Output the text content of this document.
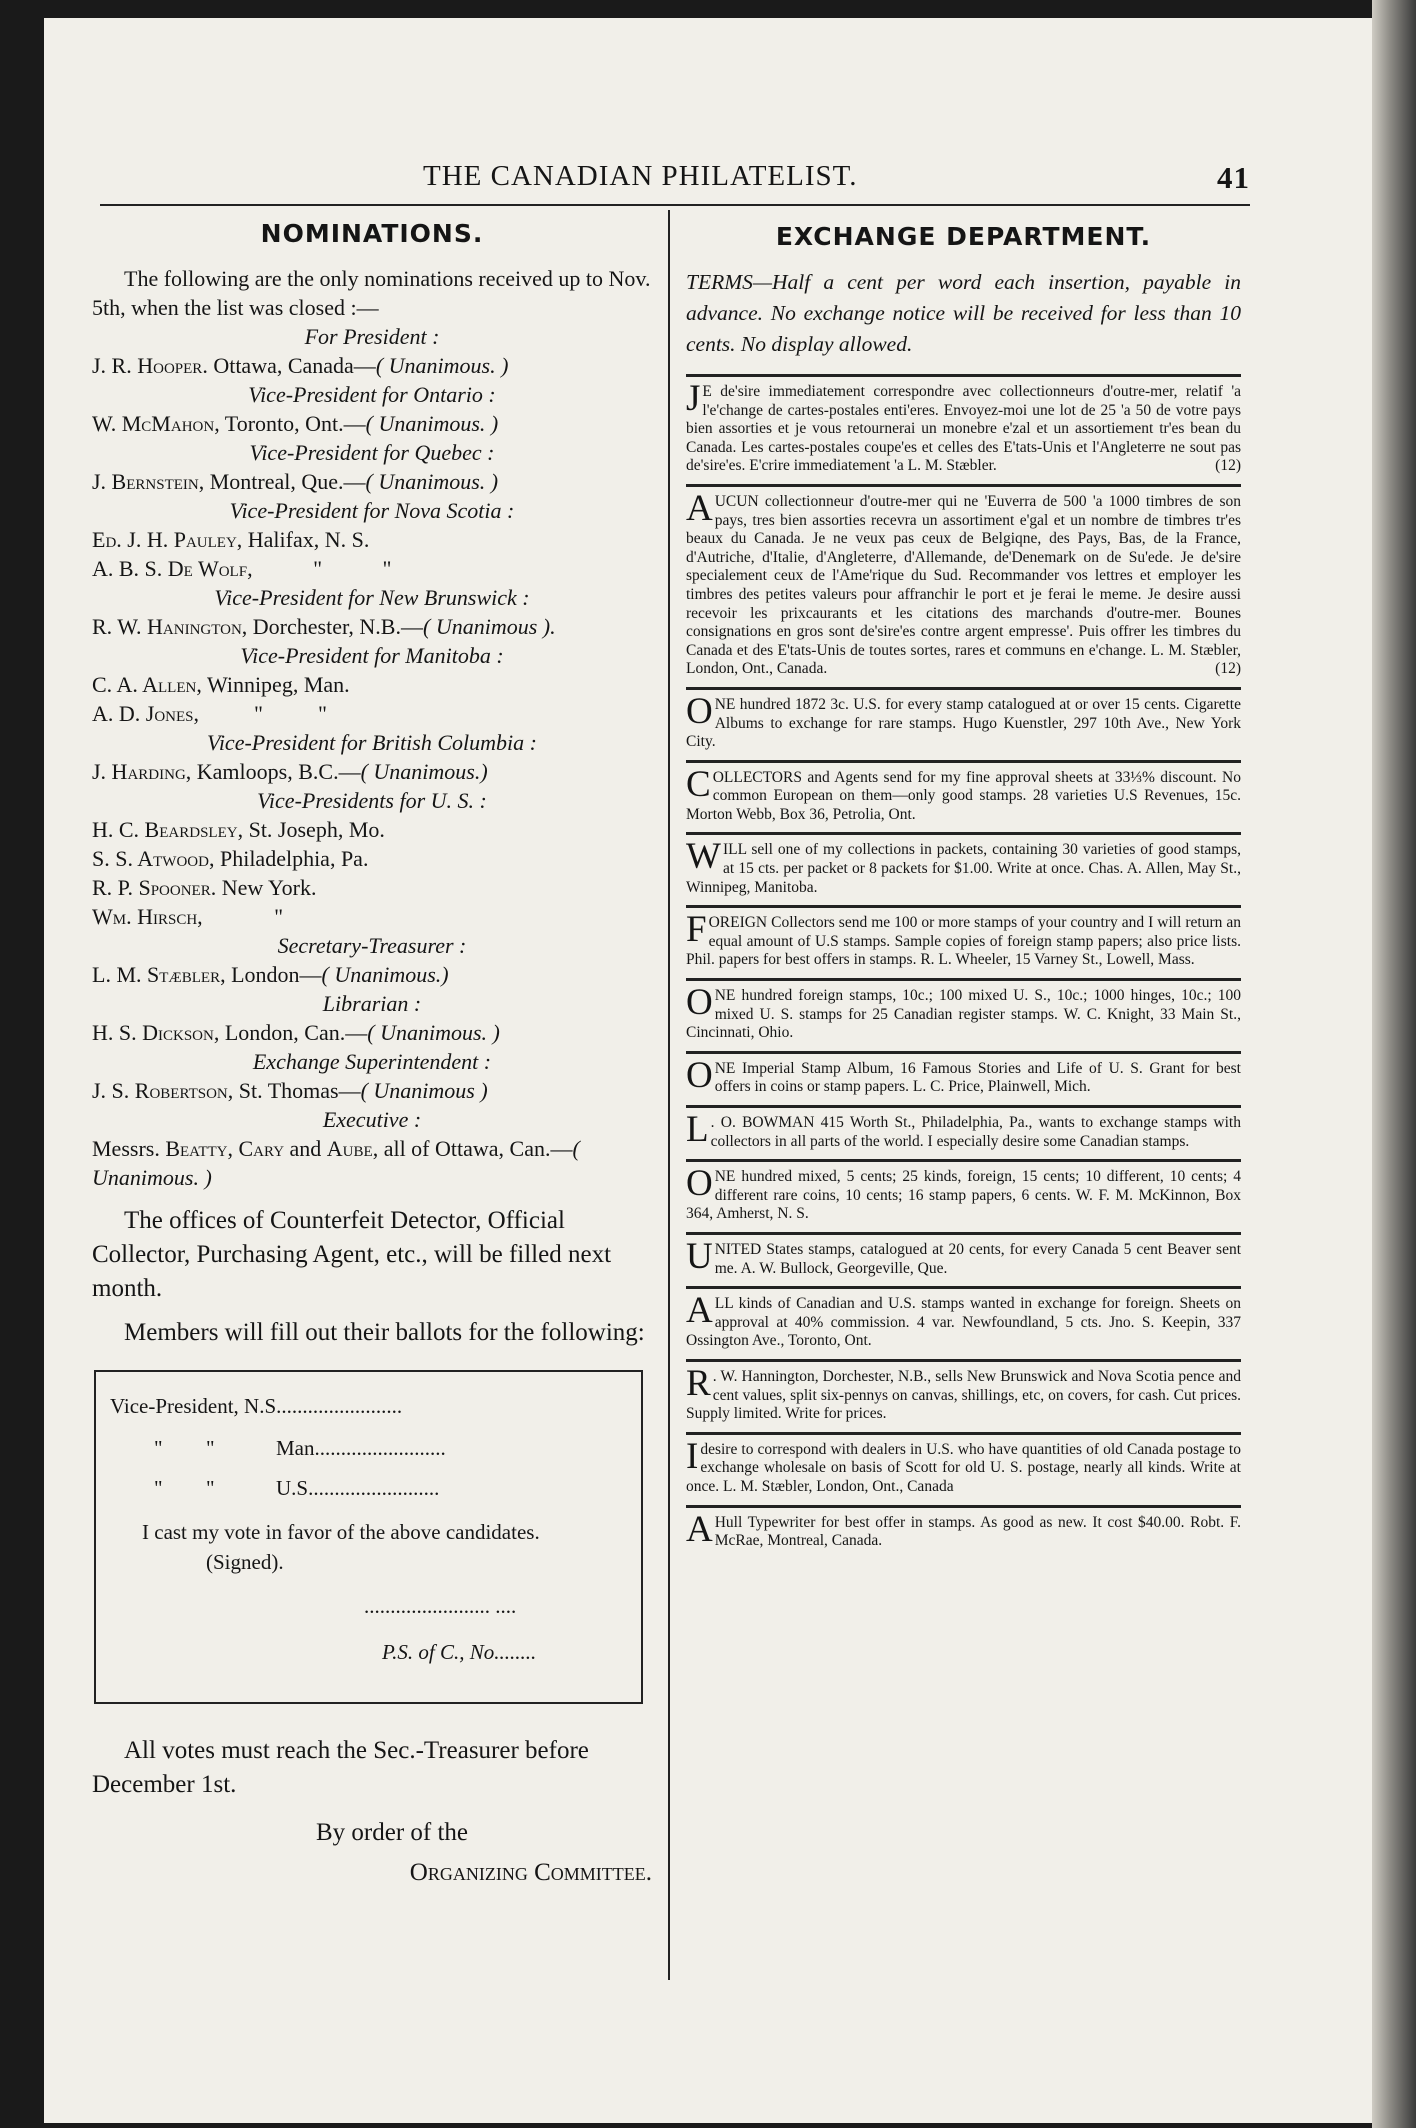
THE CANADIAN PHILATELIST.	41
NOMINATIONS.

The following are the only nominations received up to Nov. 5th, when the list was closed :—

For President :

J. R. Hooper. Ottawa, Canada—( Unanimous. )

Vice-President for Ontario :

W. McMahon, Toronto, Ont.—( Unanimous. )

Vice-President for Quebec :

J. Bernstein, Montreal, Que.—( Unanimous. )

Vice-President for Nova Scotia :

Ed. J. H. Pauley, Halifax, N. S.

A. B. S. De Wolf,           "           "

Vice-President for New Brunswick :

R. W. Hanington, Dorchester, N.B.—( Unanimous ).

Vice-President for Manitoba :

C. A. Allen, Winnipeg, Man.

A. D. Jones,          "          "

Vice-President for British Columbia :

J. Harding, Kamloops, B.C.—( Unanimous.)

Vice-Presidents for U. S. :

H. C. Beardsley, St. Joseph, Mo.

S. S. Atwood, Philadelphia, Pa.

R. P. Spooner. New York.

Wm. Hirsch,             "

Secretary-Treasurer :

L. M. Stæbler, London—( Unanimous.)

Librarian :

H. S. Dickson, London, Can.—( Unanimous. )

Exchange Superintendent :

J. S. Robertson, St. Thomas—( Unanimous )

Executive :

Messrs. Beatty, Cary and Aube, all of Ottawa, Can.—( Unanimous. )

The offices of Counterfeit Detector, Official Collector, Purchasing Agent, etc., will be filled next month.

Members will fill out their ballots for the following:

Vice-President, N.S........................
" "	Man.........................
" "	U.S.........................
I cast my vote in favor of the above candidates.
(Signed).
........................ ....
P.S. of C., No........

All votes must reach the Sec.-Treasurer before December 1st.

By order of the

Organizing Committee.

EXCHANGE DEPARTMENT.

TERMS—Half a cent per word each insertion, payable in advance. No exchange notice will be received for less than 10 cents. No display allowed.

J E de'sire immediatement correspondre avec collectionneurs d'outre-mer, relatif 'a l'e'change de cartes-postales enti'eres. Envoyez-moi une lot de 25 'a 50 de votre pays bien assorties et je vous retournerai un monebre e'zal et un assortiement tr'es bean du Canada. Les cartes-postales coupe'es et celles des E'tats-Unis et l'Angleterre ne sout pas de'sire'es. E'crire immediatement 'a L. M. Stæbler.	(12)
AUCUN collectionneur d'outre-mer qui ne 'Euverra de 500 'a 1000 timbres de son pays, tres bien assorties recevra un assortiment e'gal et un nombre de timbres tr'es beaux du Canada. Je ne veux pas ceux de Belgiqne, des Pays, Bas, de la France, d'Autriche, d'Italie, d'Angleterre, d'Allemande, de'Denemark on de Su'ede. Je de'sire specialement ceux de l'Ame'rique du Sud. Recommander vos lettres et employer les timbres des petites valeurs pour affranchir le port et je ferai le meme. Je desire aussi recevoir les prixcaurants et les citations des marchands d'outre-mer. Bounes consignations en gros sont de'sire'es contre argent empresse'. Puis offrer les timbres du Canada et des E'tats-Unis de toutes sortes, rares et communs en e'change. L. M. Stæbler, London, Ont., Canada.	(12)
ONE hundred 1872 3c. U.S. for every stamp catalogued at or over 15 cents. Cigarette Albums to exchange for rare stamps. Hugo Kuenstler, 297 10th Ave., New York City.
COLLECTORS and Agents send for my fine approval sheets at 33⅓% discount. No common European on them—only good stamps. 28 varieties U.S Revenues, 15c. Morton Webb, Box 36, Petrolia, Ont.
WILL sell one of my collections in packets, containing 30 varieties of good stamps, at 15 cts. per packet or 8 packets for $1.00. Write at once. Chas. A. Allen, May St., Winnipeg, Manitoba.
FOREIGN Collectors send me 100 or more stamps of your country and I will return an equal amount of U.S stamps. Sample copies of foreign stamp papers; also price lists. Phil. papers for best offers in stamps. R. L. Wheeler, 15 Varney St., Lowell, Mass.
ONE hundred foreign stamps, 10c.; 100 mixed U. S., 10c.; 1000 hinges, 10c.; 100 mixed U. S. stamps for 25 Canadian register stamps. W. C. Knight, 33 Main St., Cincinnati, Ohio.
ONE Imperial Stamp Album, 16 Famous Stories and Life of U. S. Grant for best offers in coins or stamp papers. L. C. Price, Plainwell, Mich.
L . O. BOWMAN 415 Worth St., Philadelphia, Pa., wants to exchange stamps with collectors in all parts of the world. I especially desire some Canadian stamps.
ONE hundred mixed, 5 cents; 25 kinds, foreign, 15 cents; 10 different, 10 cents; 4 different rare coins, 10 cents; 16 stamp papers, 6 cents. W. F. M. McKinnon, Box 364, Amherst, N. S.
UNITED States stamps, catalogued at 20 cents, for every Canada 5 cent Beaver sent me. A. W. Bullock, Georgeville, Que.
ALL kinds of Canadian and U.S. stamps wanted in exchange for foreign. Sheets on approval at 40% commission. 4 var. Newfoundland, 5 cts. Jno. S. Keepin, 337 Ossington Ave., Toronto, Ont.
R . W. Hannington, Dorchester, N.B., sells New Brunswick and Nova Scotia pence and cent values, split six-pennys on canvas, shillings, etc, on covers, for cash. Cut prices. Supply limited. Write for prices.
I desire to correspond with dealers in U.S. who have quantities of old Canada postage to exchange wholesale on basis of Scott for old U. S. postage, nearly all kinds. Write at once. L. M. Stæbler, London, Ont., Canada
A Hull Typewriter for best offer in stamps. As good as new. It cost $40.00. Robt. F. McRae, Montreal, Canada.
